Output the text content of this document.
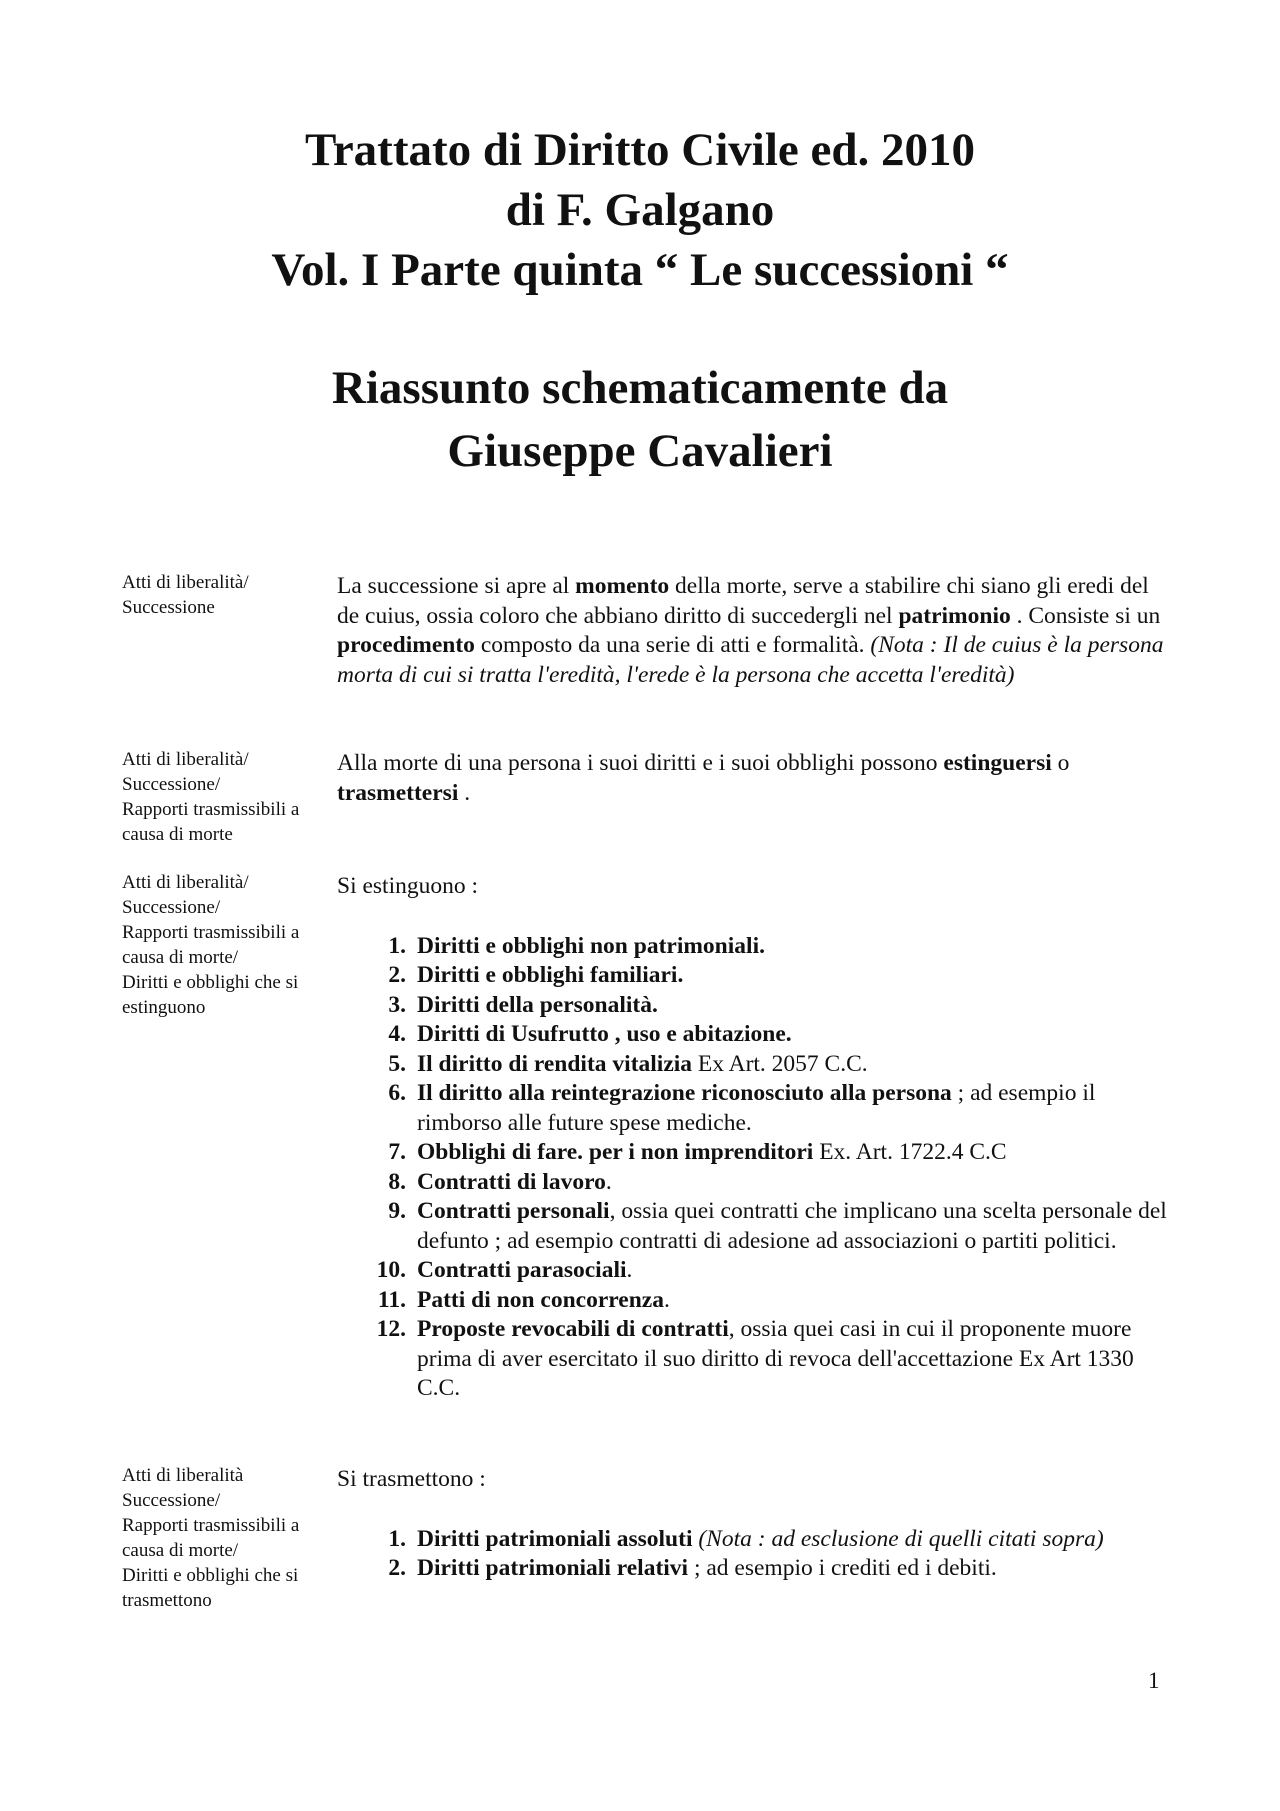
Trattato di Diritto Civile ed. 2010

di F. Galgano

Vol. I Parte quinta “ Le successioni “

Riassunto schematicamente da

Giuseppe Cavalieri

Atti di liberalità/
Successione

La successione si apre al momento della morte, serve a stabilire chi siano gli eredi del de cuius, ossia coloro che abbiano diritto di succedergli nel patrimonio . Consiste si un procedimento composto da una serie di atti e formalità. (Nota : Il de cuius è la persona morta di cui si tratta l'eredità, l'erede è la persona che accetta l'eredità)

Atti di liberalità/
Successione/
Rapporti trasmissibili a
causa di morte

Alla morte di una persona i suoi diritti e i suoi obblighi possono estinguersi o trasmettersi .

Atti di liberalità/
Successione/
Rapporti trasmissibili a
causa di morte/
Diritti e obblighi che si
estinguono

Si estinguono :

1. Diritti e obblighi non patrimoniali.
2. Diritti e obblighi familiari.
3. Diritti della personalità.
4. Diritti di Usufrutto , uso e abitazione.
5. Il diritto di rendita vitalizia Ex Art. 2057 C.C.
6. Il diritto alla reintegrazione riconosciuto alla persona ; ad esempio il rimborso alle future spese mediche.
7. Obblighi di fare. per i non imprenditori Ex. Art. 1722.4 C.C
8. Contratti di lavoro.
9. Contratti personali, ossia quei contratti che implicano una scelta personale del defunto ; ad esempio contratti di adesione ad associazioni o partiti politici.
10. Contratti parasociali.
11. Patti di non concorrenza.
12. Proposte revocabili di contratti, ossia quei casi in cui il proponente muore prima di aver esercitato il suo diritto di revoca dell'accettazione Ex Art 1330 C.C.
Atti di liberalità
Successione/
Rapporti trasmissibili a
causa di morte/
Diritti e obblighi che si
trasmettono

Si trasmettono :

1. Diritti patrimoniali assoluti (Nota : ad esclusione di quelli citati sopra)
2. Diritti patrimoniali relativi ; ad esempio i crediti ed i debiti.
1
